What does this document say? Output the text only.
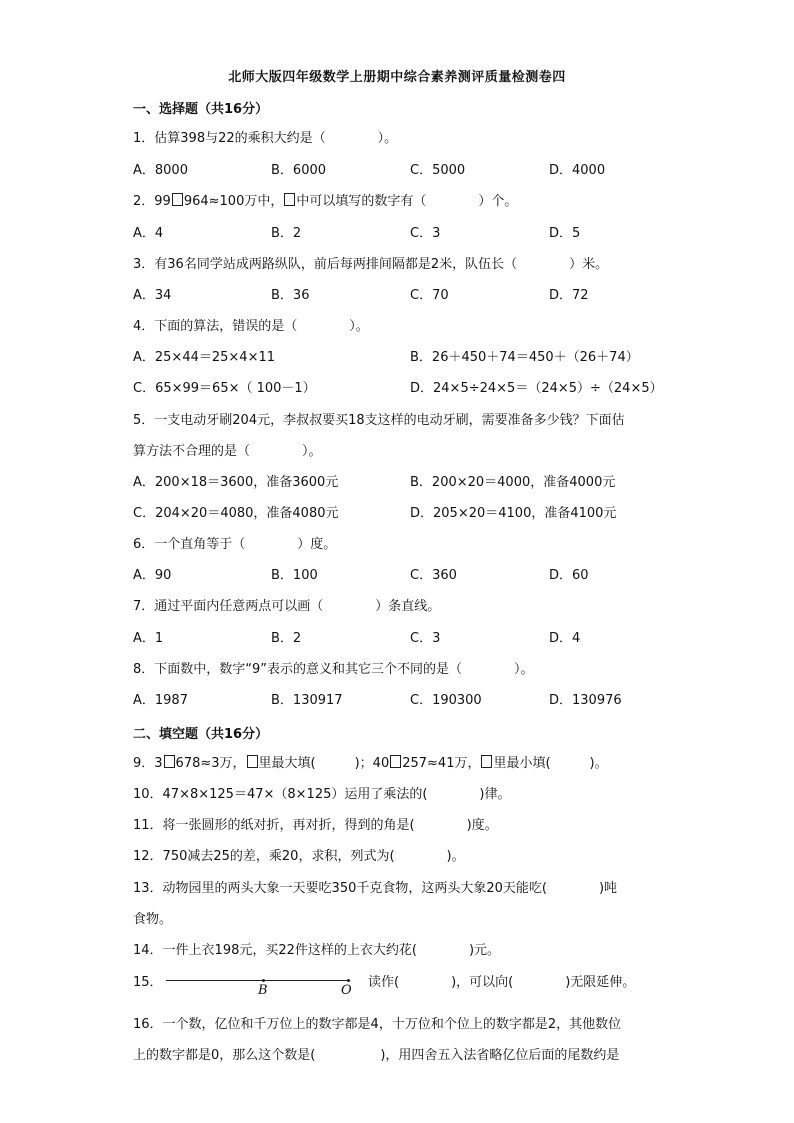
北师大版四年级数学上册期中综合素养测评质量检测卷四
一、选择题（共16分）
1．估算398与22的乘积大约是（　　　　）。
A．8000	B．6000	C．5000	D．4000
2．99 964≈100万中， 中可以填写的数字有（　　　　）个。
A．4	B．2	C．3	D．5
3．有36名同学站成两路纵队，前后每两排间隔都是2米，队伍长（　　　　）米。
A．34	B．36	C．70	D．72
4．下面的算法，错误的是（　　　　）。
A．25×44＝25×4×11	B．26＋450＋74＝450＋（26＋74）
C．65×99＝65×（ 100－1）	D．24×5÷24×5＝（24×5）÷（24×5）
5．一支电动牙刷204元，李叔叔要买18支这样的电动牙刷，需要准备多少钱？下面估
算方法不合理的是（　　　　）。
A．200×18＝3600，准备3600元	B．200×20＝4000，准备4000元
C．204×20＝4080，准备4080元	D．205×20＝4100，准备4100元
6．一个直角等于（　　　　）度。
A．90	B．100	C．360	D．60
7．通过平面内任意两点可以画（　　　　）条直线。
A．1	B．2	C．3	D．4
8．下面数中，数字“9”表示的意义和其它三个不同的是（　　　　）。
A．1987	B．130917	C．190300	D．130976
二、填空题（共16分）
9．3 678≈3万， 里最大填(　　　)；40 257≈41万， 里最小填(　　　)。
10．47×8×125＝47×（8×125）运用了乘法的(　　　　)律。
11．将一张圆形的纸对折，再对折，得到的角是(　　　　)度。
12．750减去25的差，乘20，求积，列式为(　　　　)。
13．动物园里的两头大象一天要吃350千克食物，这两头大象20天能吃(　　　　)吨
食物。
14．一件上衣198元，买22件这样的上衣大约花(　　　　)元。
15．
B	O
读作(　　　　)，可以向(　　　　)无限延伸。
16．一个数，亿位和千万位上的数字都是4，十万位和个位上的数字都是2，其他数位
上的数字都是0，那么这个数是(　　　　　)，用四舍五入法省略亿位后面的尾数约是
